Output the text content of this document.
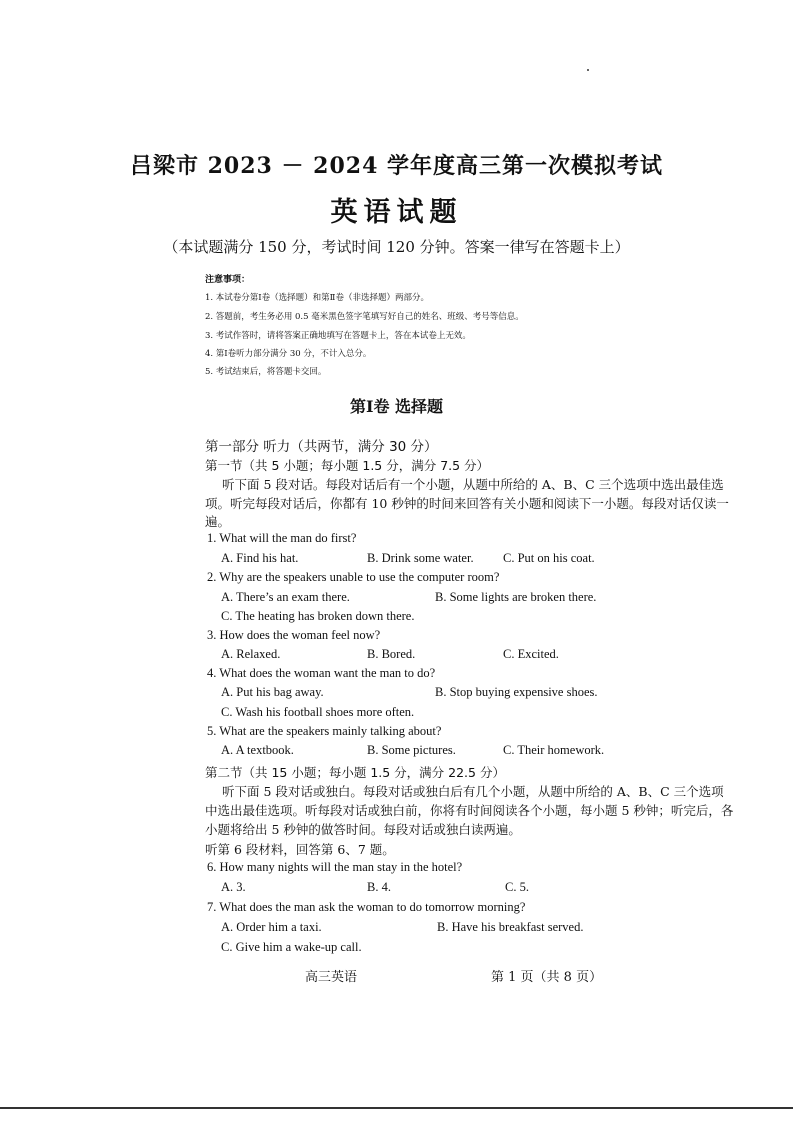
吕梁市 2023 － 2024 学年度高三第一次模拟考试
英语试题
（本试题满分 150 分，考试时间 120 分钟。答案一律写在答题卡上）
注意事项：
1. 本试卷分第Ⅰ卷（选择题）和第Ⅱ卷（非选择题）两部分。
2. 答题前，考生务必用 0.5 毫米黑色签字笔填写好自己的姓名、班级、考号等信息。
3. 考试作答时，请将答案正确地填写在答题卡上，答在本试卷上无效。
4. 第Ⅰ卷听力部分满分 30 分，不计入总分。
5. 考试结束后，将答题卡交回。
第Ⅰ卷 选择题
第一部分 听力（共两节，满分 30 分）
第一节（共 5 小题；每小题 1.5 分，满分 7.5 分）
听下面 5 段对话。每段对话后有一个小题，从题中所给的 A、B、C 三个选项中选出最佳选
项。听完每段对话后，你都有 10 秒钟的时间来回答有关小题和阅读下一小题。每段对话仅读一
遍。
1. What will the man do first?
A. Find his hat.	B. Drink some water. C. Put on his coat.
2. Why are the speakers unable to use the computer room?
A. There’s an exam there.	B. Some lights are broken there.
C. The heating has broken down there.
3. How does the woman feel now?
A. Relaxed.	B. Bored.	C. Excited.
4. What does the woman want the man to do?
A. Put his bag away.	B. Stop buying expensive shoes.
C. Wash his football shoes more often.
5. What are the speakers mainly talking about?
A. A textbook.	B. Some pictures.	C. Their homework.
第二节（共 15 小题；每小题 1.5 分，满分 22.5 分）
听下面 5 段对话或独白。每段对话或独白后有几个小题，从题中所给的 A、B、C 三个选项
中选出最佳选项。听每段对话或独白前，你将有时间阅读各个小题，每小题 5 秒钟；听完后，各
小题将给出 5 秒钟的做答时间。每段对话或独白读两遍。
听第 6 段材料，回答第 6、7 题。
6. How many nights will the man stay in the hotel?
A. 3.	B. 4.	C. 5.
7. What does the man ask the woman to do tomorrow morning?
A. Order him a taxi.	B. Have his breakfast served.
C. Give him a wake-up call.
高三英语	第 1 页（共 8 页）
